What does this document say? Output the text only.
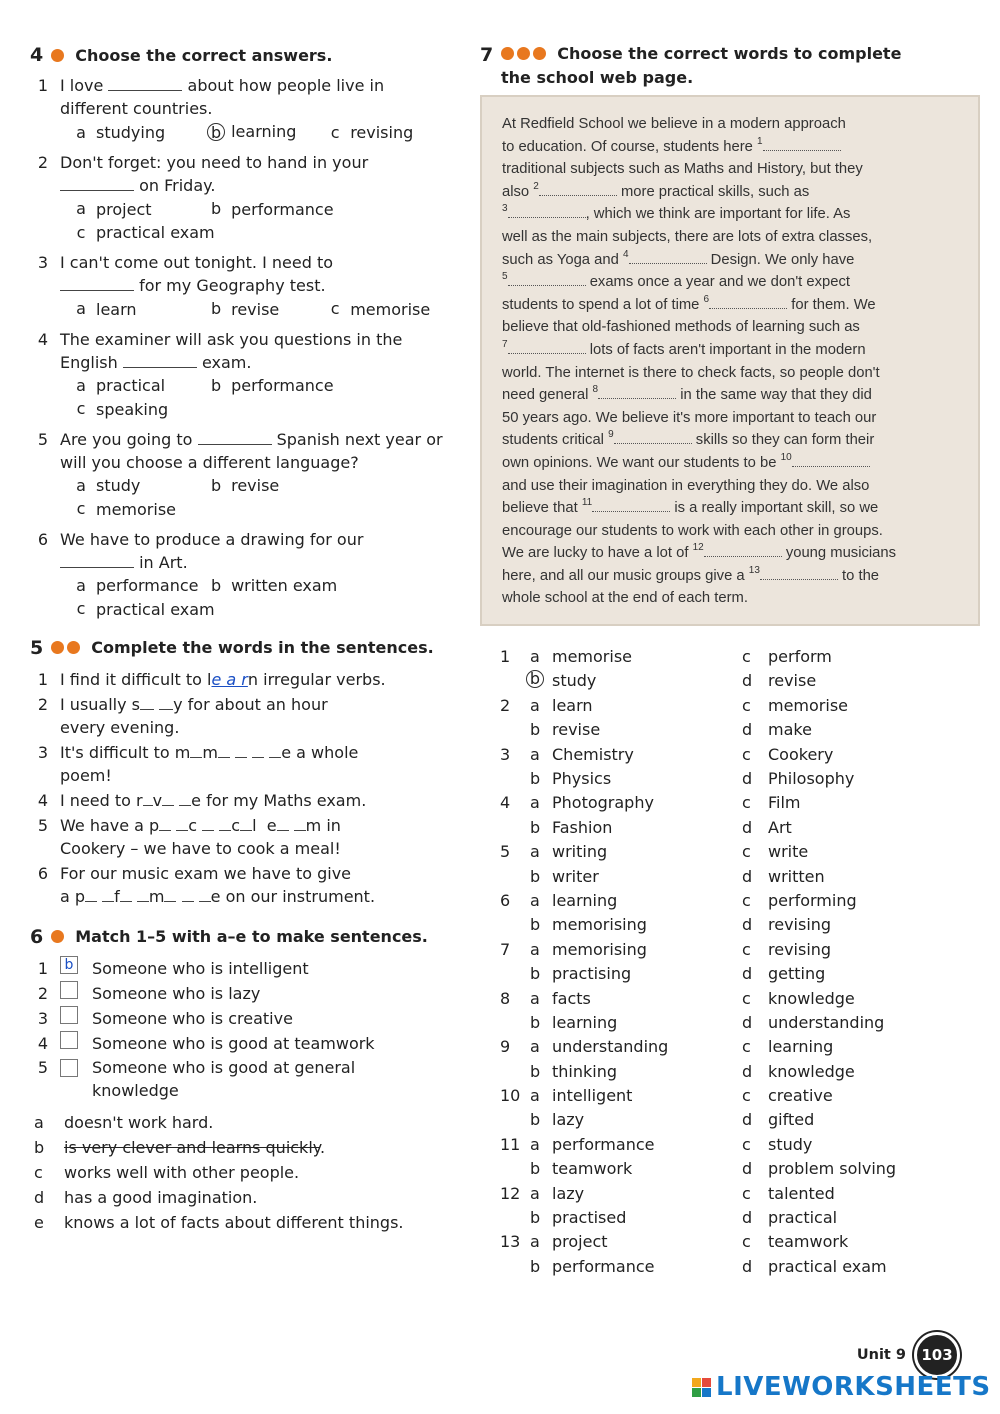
4 Choose the correct answers.
1 I love	about how people live in different countries.
a studying
	b learning
c revising
2 Don't forget: you need to hand in your
on Friday.
a project
	b performance

c practical exam
3 I can't come out tonight. I need to
for my Geography test.
a learn
	b revise
	c memorise
4 The examiner will ask you questions in the English	exam.
a practical
	b performance

c speaking
5 Are you going to	Spanish next year or will you choose a different language?
a study
	b revise

c memorise
6 We have to produce a drawing for our
in Art.
a performance
b written exam

c practical exam
5	Complete the words in the sentences.
1 I find it difficult to le a rn irregular verbs.
2 I usually s y for about an hour
every evening.
3 It's difficult to m m	e a whole
poem!
4 I need to r v e for my Maths exam.
5 We have a p c c l e m in
Cookery – we have to cook a meal!
6 For our music exam we have to give
a p f m	e on our instrument.
6 Match 1–5 with a–e to make sentences.
1	b Someone who is intelligent
2	Someone who is lazy
3	Someone who is creative
4	Someone who is good at teamwork
5	Someone who is good at general knowledge
a doesn't work hard.
b is very clever and learns quickly.
c works well with other people.
d has a good imagination.
e knows a lot of facts about different things.
7	Choose the correct words to complete
the school web page.
At Redfield School we believe in a modern approach
to education. Of course, students here $^1$
traditional subjects such as Maths and History, but they
also $^2$	more practical skills, such as
$^3$	, which we think are important for life. As
well as the main subjects, there are lots of extra classes,
such as Yoga and $^4$	Design. We only have
$^5$	exams once a year and we don't expect
students to spend a lot of time $^6$	for them. We
believe that old-fashioned methods of learning such as
$^7$	lots of facts aren't important in the modern
world. The internet is there to check facts, so people don't
need general $^8$	in the same way that they did
50 years ago. We believe it's more important to teach our
students critical $^9$	skills so they can form their
own opinions. We want our students to be $^{10}$
and use their imagination in everything they do. We also
believe that $^{11}$	is a really important skill, so we
encourage our students to work with each other in groups.
We are lucky to have a lot of $^{12}$	young musicians
here, and all our music groups give a $^{13}$	to the
whole school at the end of each term.
1	a memorise	c	perform
b study	d revise
2	a learn	c	memorise
b revise	d make
3	a Chemistry	c	Cookery
b Physics	d Philosophy
4	a Photography	c	Film
b Fashion	d Art
5	a writing	c	write
b writer	d written
6	a learning	c	performing
b memorising	d revising
7	a memorising	c	revising
b practising	d getting
8	a facts	c	knowledge
b learning	d understanding
9	a understanding	c	learning
b thinking	d knowledge
10 a intelligent	c	creative
b lazy	d gifted
11 a performance	c	study
b teamwork	d problem solving
12 a lazy	c	talented
b practised	d practical
13 a project	c	teamwork
b performance	d practical exam
Unit 9	103
LIVEWORKSHEETS
